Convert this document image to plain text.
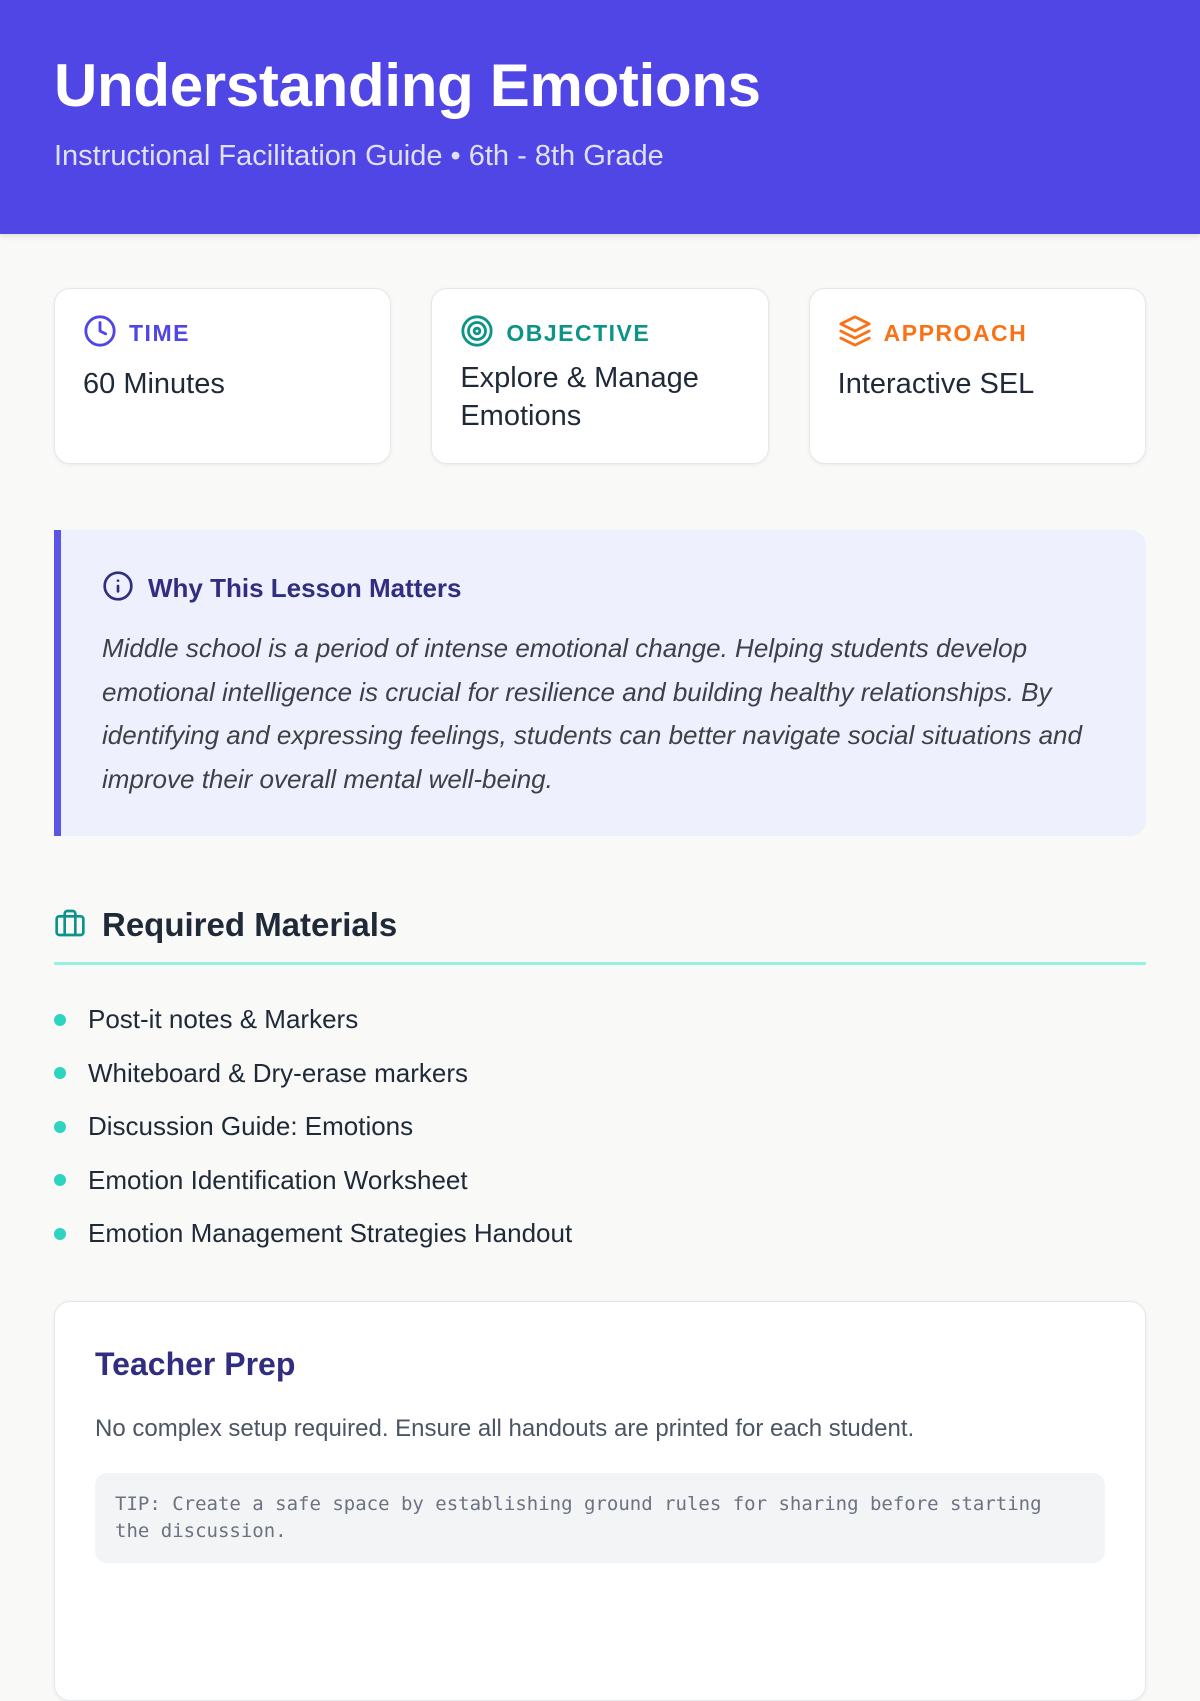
Understanding Emotions
Instructional Facilitation Guide • 6th - 8th Grade
TIME
60 Minutes
OBJECTIVE
Explore & Manage Emotions
APPROACH
Interactive SEL
Why This Lesson Matters
Middle school is a period of intense emotional change. Helping students develop emotional intelligence is crucial for resilience and building healthy relationships. By identifying and expressing feelings, students can better navigate social situations and improve their overall mental well-being.
Required Materials
Post-it notes & Markers
Whiteboard & Dry-erase markers
Discussion Guide: Emotions
Emotion Identification Worksheet
Emotion Management Strategies Handout
Teacher Prep
No complex setup required. Ensure all handouts are printed for each student.
TIP: Create a safe space by establishing ground rules for sharing before starting the discussion.
